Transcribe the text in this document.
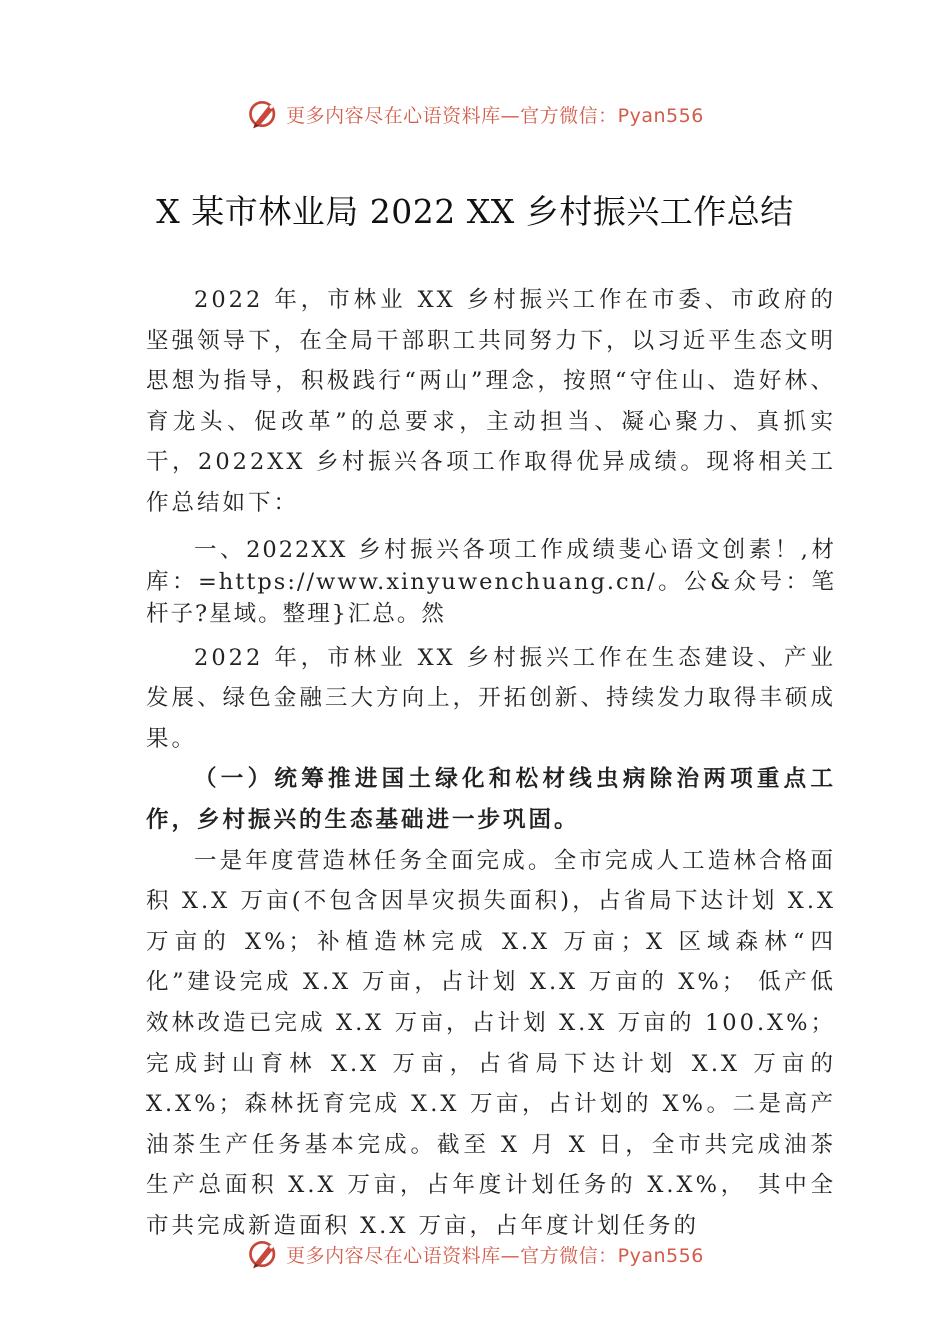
更多内容尽在心语资料库—官方微信：Pyan556
X 某市林业局 2022 XX 乡村振兴工作总结

2022 年，市林业 XX 乡村振兴工作在市委、市政府的坚强领导下，在全局干部职工共同努力下，以习近平生态文明思想为指导，积极践行“两山”理念，按照“守住山、造好林、育龙头、促改革”的总要求，主动担当、凝心聚力、真抓实干，2022XX 乡村振兴各项工作取得优异成绩。现将相关工作总结如下：

一、2022XX 乡村振兴各项工作成绩斐心语文创素！,材库：=https://www.xinyuwenchuang.cn/。公&众号：笔杆子?星域。整理}汇总。然

2022 年，市林业 XX 乡村振兴工作在生态建设、产业发展、绿色金融三大方向上，开拓创新、持续发力取得丰硕成果。

（一）统筹推进国土绿化和松材线虫病除治两项重点工作，乡村振兴的生态基础进一步巩固。

一是年度营造林任务全面完成。全市完成人工造林合格面积 X.X 万亩(不包含因旱灾损失面积)，占省局下达计划 X.X 万亩的 X%；补植造林完成 X.X 万亩；X 区域森林“四化”建设完成 X.X 万亩，占计划 X.X 万亩的 X%； 低产低效林改造已完成 X.X 万亩，占计划 X.X 万亩的 100.X%；完成封山育林 X.X 万亩，占省局下达计划 X.X 万亩的 X.X%；森林抚育完成 X.X 万亩，占计划的 X%。二是高产油茶生产任务基本完成。截至 X 月 X 日，全市共完成油茶生产总面积 X.X 万亩，占年度计划任务的 X.X%， 其中全市共完成新造面积 X.X 万亩，占年度计划任务的

更多内容尽在心语资料库—官方微信：Pyan556
